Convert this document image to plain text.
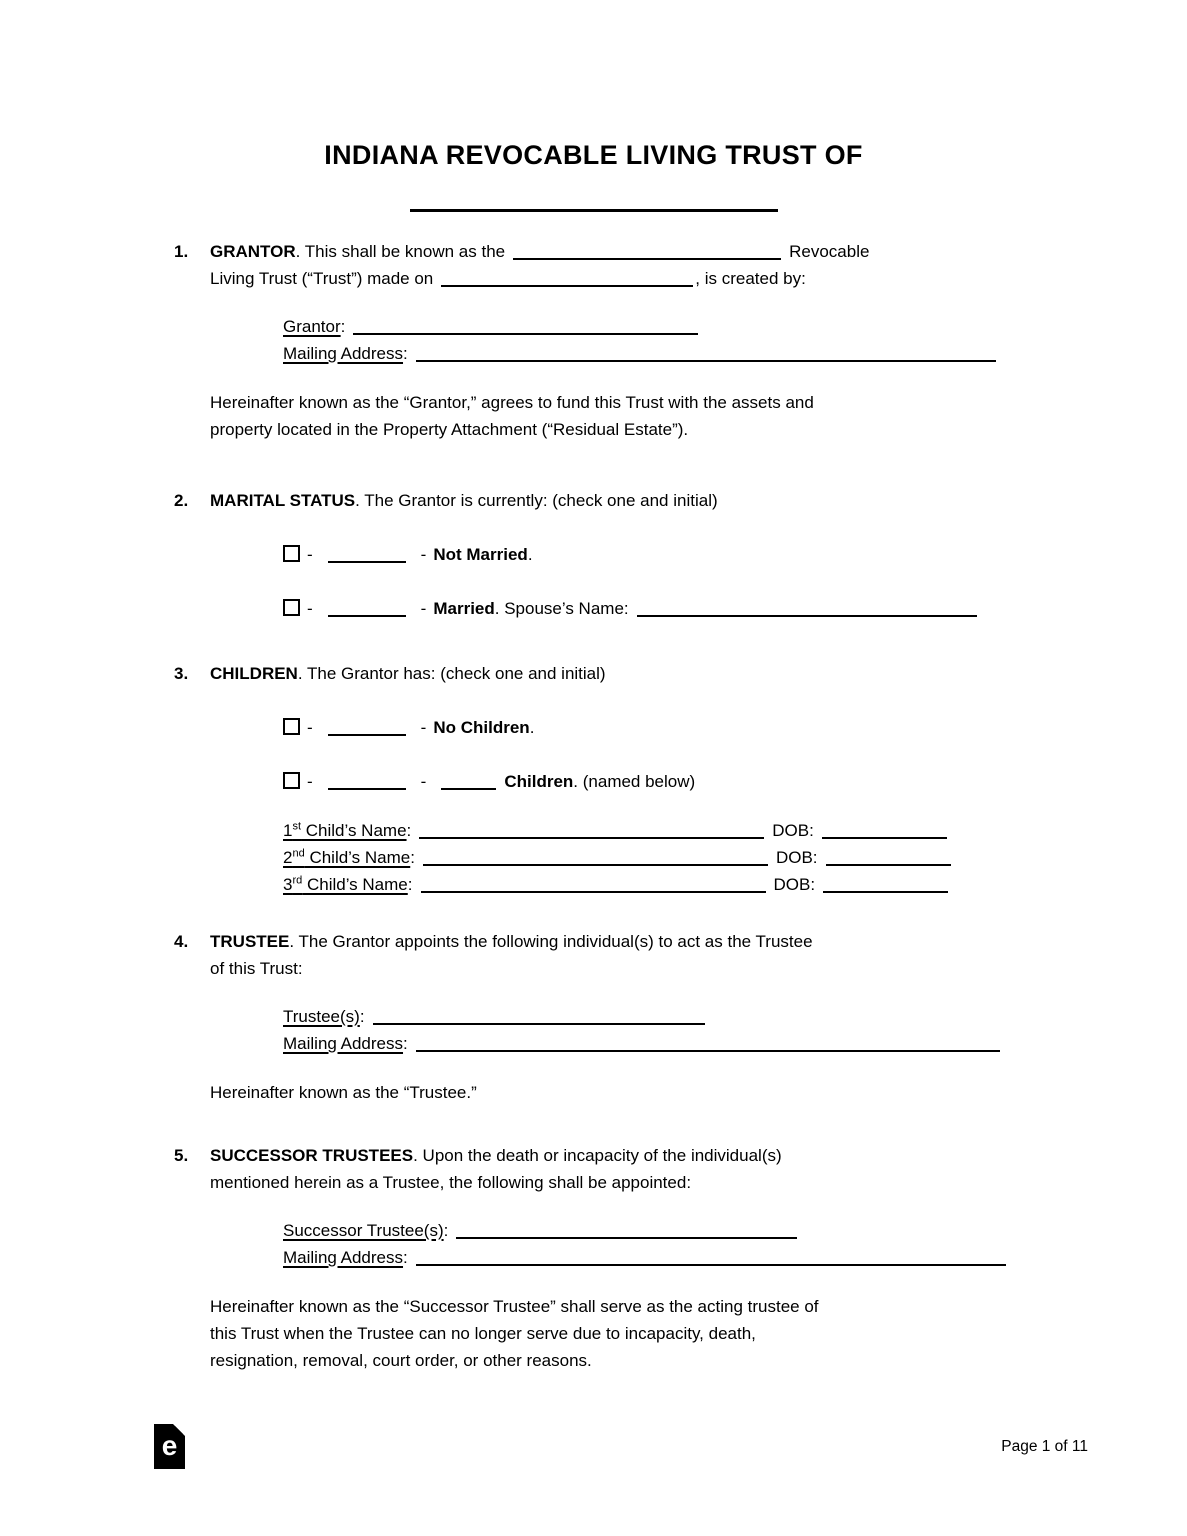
INDIANA REVOCABLE LIVING TRUST OF
1.	GRANTOR. This shall be known as the	Revocable
Living Trust (“Trust”) made on	, is created by:
Grantor:
Mailing Address:
Hereinafter known as the “Grantor,” agrees to fund this Trust with the assets and
property located in the Property Attachment (“Residual Estate”).
2.	MARITAL STATUS. The Grantor is currently: (check one and initial)
-	- Not Married.
-	- Married. Spouse’s Name:
3.	CHILDREN. The Grantor has: (check one and initial)
-	- No Children.
-	-	Children. (named below)
1st Child’s Name:	DOB:
2nd Child’s Name:	DOB:
3rd Child’s Name:	DOB:
4.	TRUSTEE. The Grantor appoints the following individual(s) to act as the Trustee
of this Trust:
Trustee(s):
Mailing Address:
Hereinafter known as the “Trustee.”
5.	SUCCESSOR TRUSTEES. Upon the death or incapacity of the individual(s)
mentioned herein as a Trustee, the following shall be appointed:
Successor Trustee(s):
Mailing Address:
Hereinafter known as the “Successor Trustee” shall serve as the acting trustee of
this Trust when the Trustee can no longer serve due to incapacity, death,
resignation, removal, court order, or other reasons.
e	Page 1 of 11
